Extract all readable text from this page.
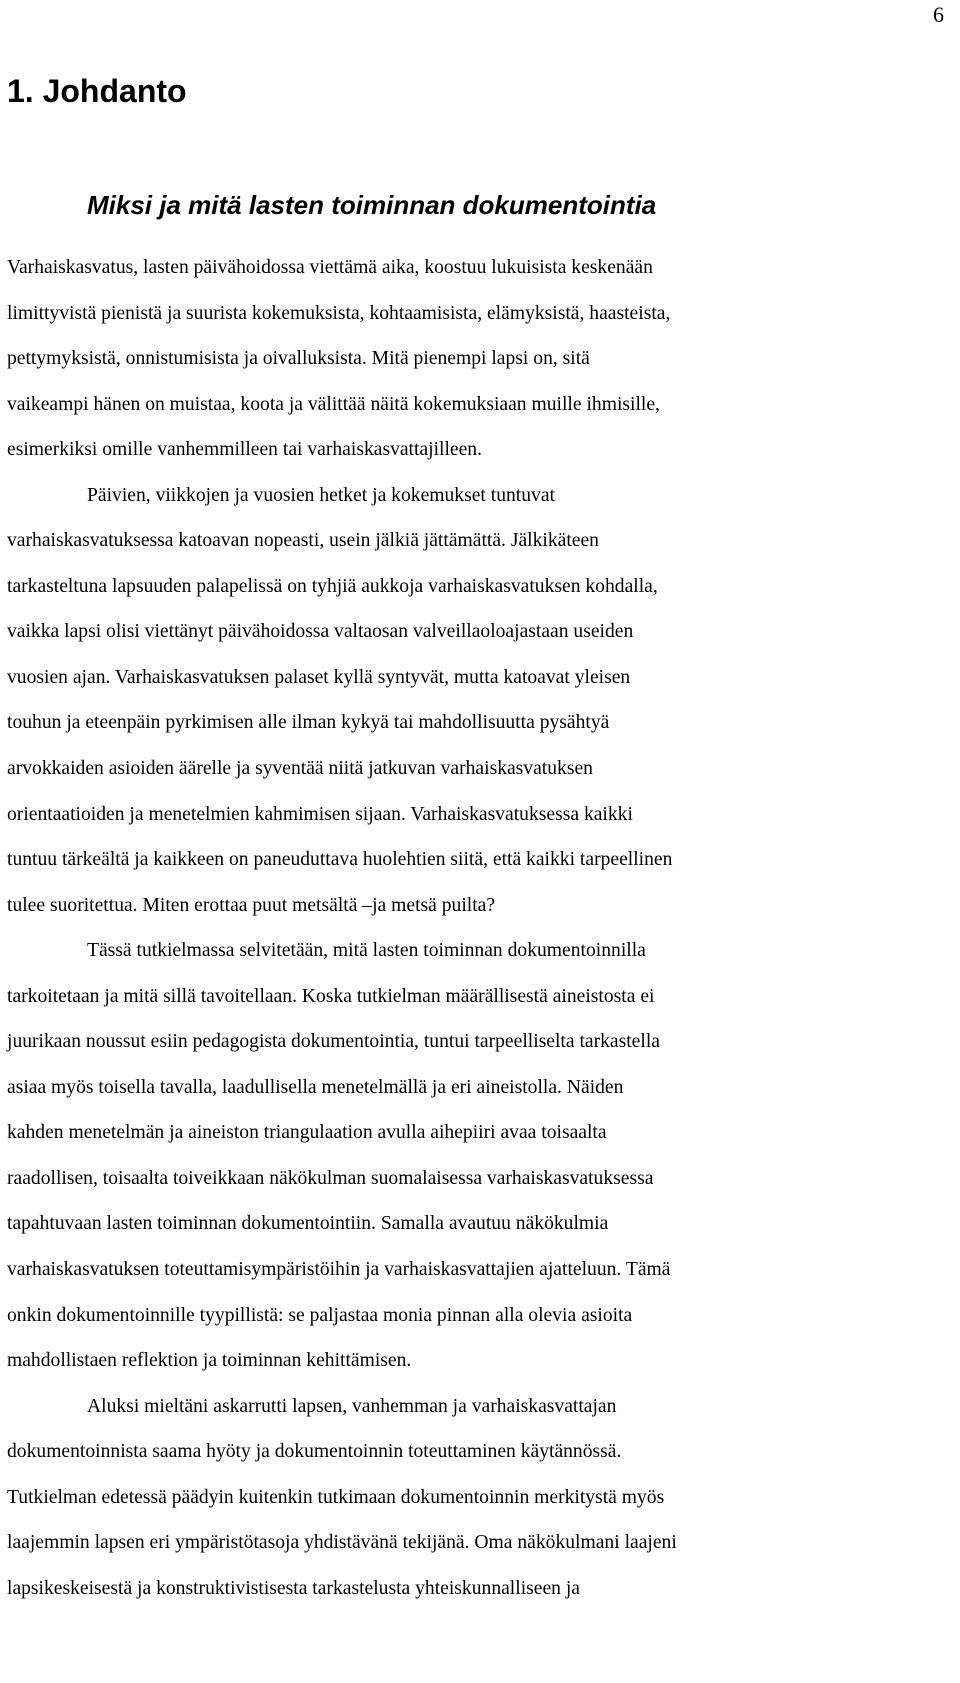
6
1. Johdanto
Miksi ja mitä lasten toiminnan dokumentointia
Varhaiskasvatus, lasten päivähoidossa viettämä aika, koostuu lukuisista keskenään
limittyvistä pienistä ja suurista kokemuksista, kohtaamisista, elämyksistä, haasteista,
pettymyksistä, onnistumisista ja oivalluksista. Mitä pienempi lapsi on, sitä
vaikeampi hänen on muistaa, koota ja välittää näitä kokemuksiaan muille ihmisille,
esimerkiksi omille vanhemmilleen tai varhaiskasvattajilleen.
Päivien, viikkojen ja vuosien hetket ja kokemukset tuntuvat
varhaiskasvatuksessa katoavan nopeasti, usein jälkiä jättämättä. Jälkikäteen
tarkasteltuna lapsuuden palapelissä on tyhjiä aukkoja varhaiskasvatuksen kohdalla,
vaikka lapsi olisi viettänyt päivähoidossa valtaosan valveillaoloajastaan useiden
vuosien ajan. Varhaiskasvatuksen palaset kyllä syntyvät, mutta katoavat yleisen
touhun ja eteenpäin pyrkimisen alle ilman kykyä tai mahdollisuutta pysähtyä
arvokkaiden asioiden äärelle ja syventää niitä jatkuvan varhaiskasvatuksen
orientaatioiden ja menetelmien kahmimisen sijaan. Varhaiskasvatuksessa kaikki
tuntuu tärkeältä ja kaikkeen on paneuduttava huolehtien siitä, että kaikki tarpeellinen
tulee suoritettua. Miten erottaa puut metsältä –ja metsä puilta?
Tässä tutkielmassa selvitetään, mitä lasten toiminnan dokumentoinnilla
tarkoitetaan ja mitä sillä tavoitellaan. Koska tutkielman määrällisestä aineistosta ei
juurikaan noussut esiin pedagogista dokumentointia, tuntui tarpeelliselta tarkastella
asiaa myös toisella tavalla, laadullisella menetelmällä ja eri aineistolla. Näiden
kahden menetelmän ja aineiston triangulaation avulla aihepiiri avaa toisaalta
raadollisen, toisaalta toiveikkaan näkökulman suomalaisessa varhaiskasvatuksessa
tapahtuvaan lasten toiminnan dokumentointiin. Samalla avautuu näkökulmia
varhaiskasvatuksen toteuttamisympäristöihin ja varhaiskasvattajien ajatteluun. Tämä
onkin dokumentoinnille tyypillistä: se paljastaa monia pinnan alla olevia asioita
mahdollistaen reflektion ja toiminnan kehittämisen.
Aluksi mieltäni askarrutti lapsen, vanhemman ja varhaiskasvattajan
dokumentoinnista saama hyöty ja dokumentoinnin toteuttaminen käytännössä.
Tutkielman edetessä päädyin kuitenkin tutkimaan dokumentoinnin merkitystä myös
laajemmin lapsen eri ympäristötasoja yhdistävänä tekijänä. Oma näkökulmani laajeni
lapsikeskeisestä ja konstruktivistisesta tarkastelusta yhteiskunnalliseen ja
